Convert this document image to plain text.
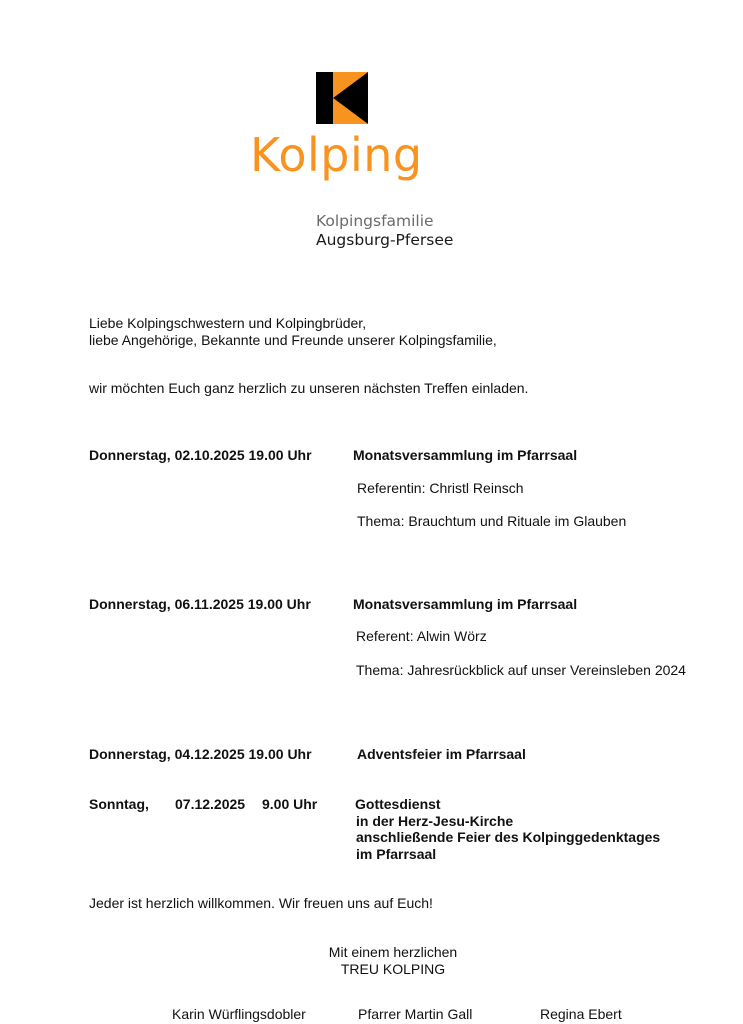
Kolping
Kolpingsfamilie
Augsburg-Pfersee
Liebe Kolpingschwestern und Kolpingbrüder,
liebe Angehörige, Bekannte und Freunde unserer Kolpingsfamilie,
wir möchten Euch ganz herzlich zu unseren nächsten Treffen einladen.
Donnerstag, 02.10.2025 19.00 Uhr	Monatsversammlung im Pfarrsaal
Referentin: Christl Reinsch
Thema: Brauchtum und Rituale im Glauben
Donnerstag, 06.11.2025 19.00 Uhr	Monatsversammlung im Pfarrsaal
Referent: Alwin Wörz
Thema: Jahresrückblick auf unser Vereinsleben 2024
Donnerstag, 04.12.2025 19.00 Uhr	Adventsfeier im Pfarrsaal
Sonntag, 07.12.2025 9.00 Uhr	Gottesdienst
in der Herz-Jesu-Kirche
anschließende Feier des Kolpinggedenktages
im Pfarrsaal
Jeder ist herzlich willkommen. Wir freuen uns auf Euch!
Mit einem herzlichen
TREU KOLPING
Karin Würflingsdobler	Pfarrer Martin Gall	Regina Ebert
